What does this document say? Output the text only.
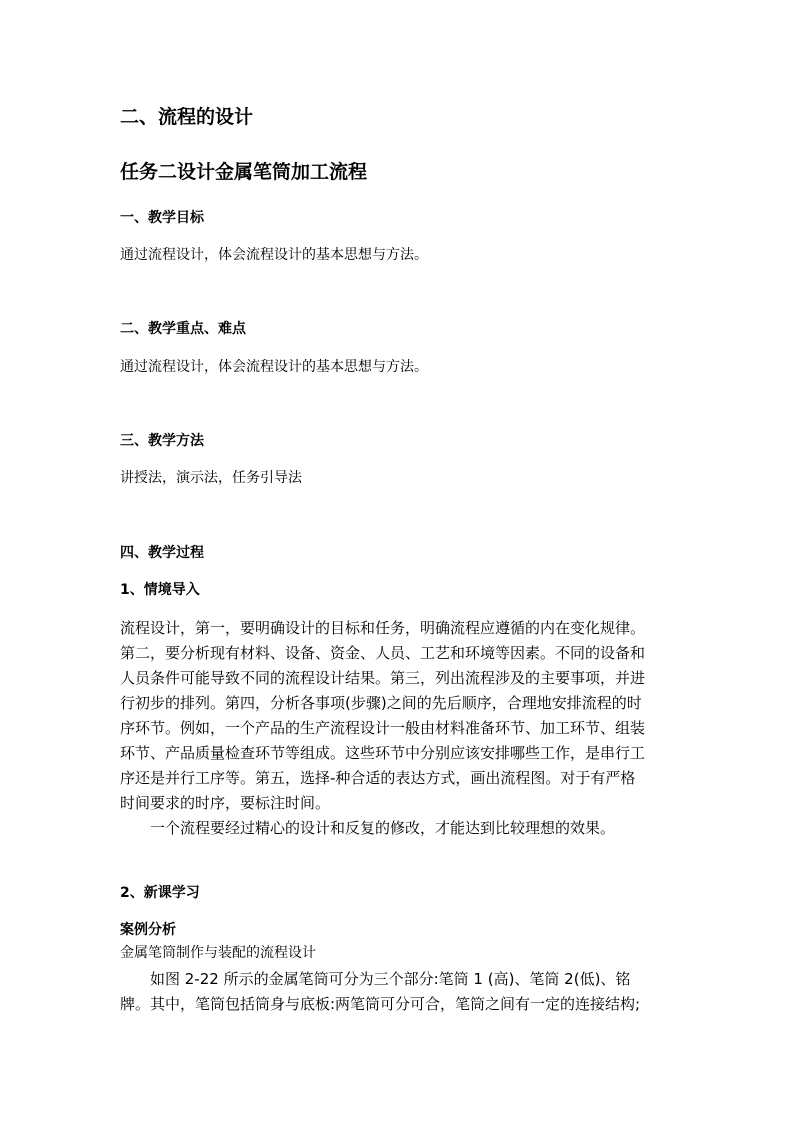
二、流程的设计
任务二设计金属笔筒加工流程
一、教学目标
通过流程设计，体会流程设计的基本思想与方法。
二、教学重点、难点
通过流程设计，体会流程设计的基本思想与方法。
三、教学方法
讲授法，演示法，任务引导法
四、教学过程
1、情境导入
流程设计，第一，要明确设计的目标和任务，明确流程应遵循的内在变化规律。
第二，要分析现有材料、设备、资金、人员、工艺和环境等因素。不同的设备和
人员条件可能导致不同的流程设计结果。第三，列出流程涉及的主要事项，并进
行初步的排列。第四，分析各事项(步骤)之间的先后顺序，合理地安排流程的时
序环节。例如，一个产品的生产流程设计一般由材料准备环节、加工环节、组装
环节、产品质量检查环节等组成。这些环节中分别应该安排哪些工作，是串行工
序还是并行工序等。第五，选择-种合适的表达方式，画出流程图。对于有严格
时间要求的时序，要标注时间。
一个流程要经过精心的设计和反复的修改，才能达到比较理想的效果。
2、新课学习
案例分析
金属笔筒制作与装配的流程设计
如图 2-22 所示的金属笔筒可分为三个部分:笔筒 1 (高)、笔筒 2(低)、铭
牌。其中，笔筒包括筒身与底板:两笔筒可分可合，笔筒之间有一定的连接结构;
